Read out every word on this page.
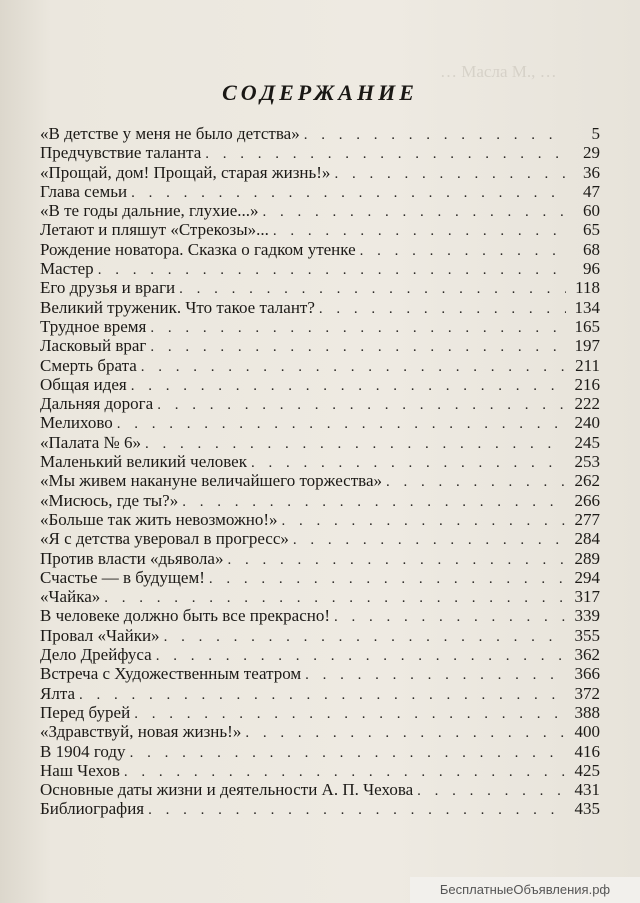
… Масла М., …
СОДЕРЖАНИЕ
«В детстве у меня не было детства» . . .	5
Предчувствие таланта . . .	29
«Прощай, дом! Прощай, старая жизнь!» . . .	36
Глава семьи . . .	47
«В те годы дальние, глухие...» . . .	60
Летают и пляшут «Стрекозы»... . . .	65
Рождение новатора. Сказка о гадком утенке . . .	68
Мастер . . .	96
Его друзья и враги . . .	118
Великий труженик. Что такое талант? . . .	134
Трудное время . . .	165
Ласковый враг . . .	197
Смерть брата . . .	211
Общая идея . . .	216
Дальняя дорога . . .	222
Мелихово . . .	240
«Палата № 6» . . .	245
Маленький великий человек . . .	253
«Мы живем накануне величайшего торжества» . . .	262
«Мисюсь, где ты?» . . .	266
«Больше так жить невозможно!» . . .	277
«Я с детства уверовал в прогресс» . . .	284
Против власти «дьявола» . . .	289
Счастье — в будущем! . . .	294
«Чайка» . . .	317
В человеке должно быть все прекрасно! . . .	339
Провал «Чайки» . . .	355
Дело Дрейфуса . . .	362
Встреча с Художественным театром . . .	366
Ялта . . .	372
Перед бурей . . .	388
«Здравствуй, новая жизнь!» . . .	400
В 1904 году . . .	416
Наш Чехов . . .	425
Основные даты жизни и деятельности А. П. Чехова . . .	431
Библиография . . .	435
БесплатныеОбъявления.рф
